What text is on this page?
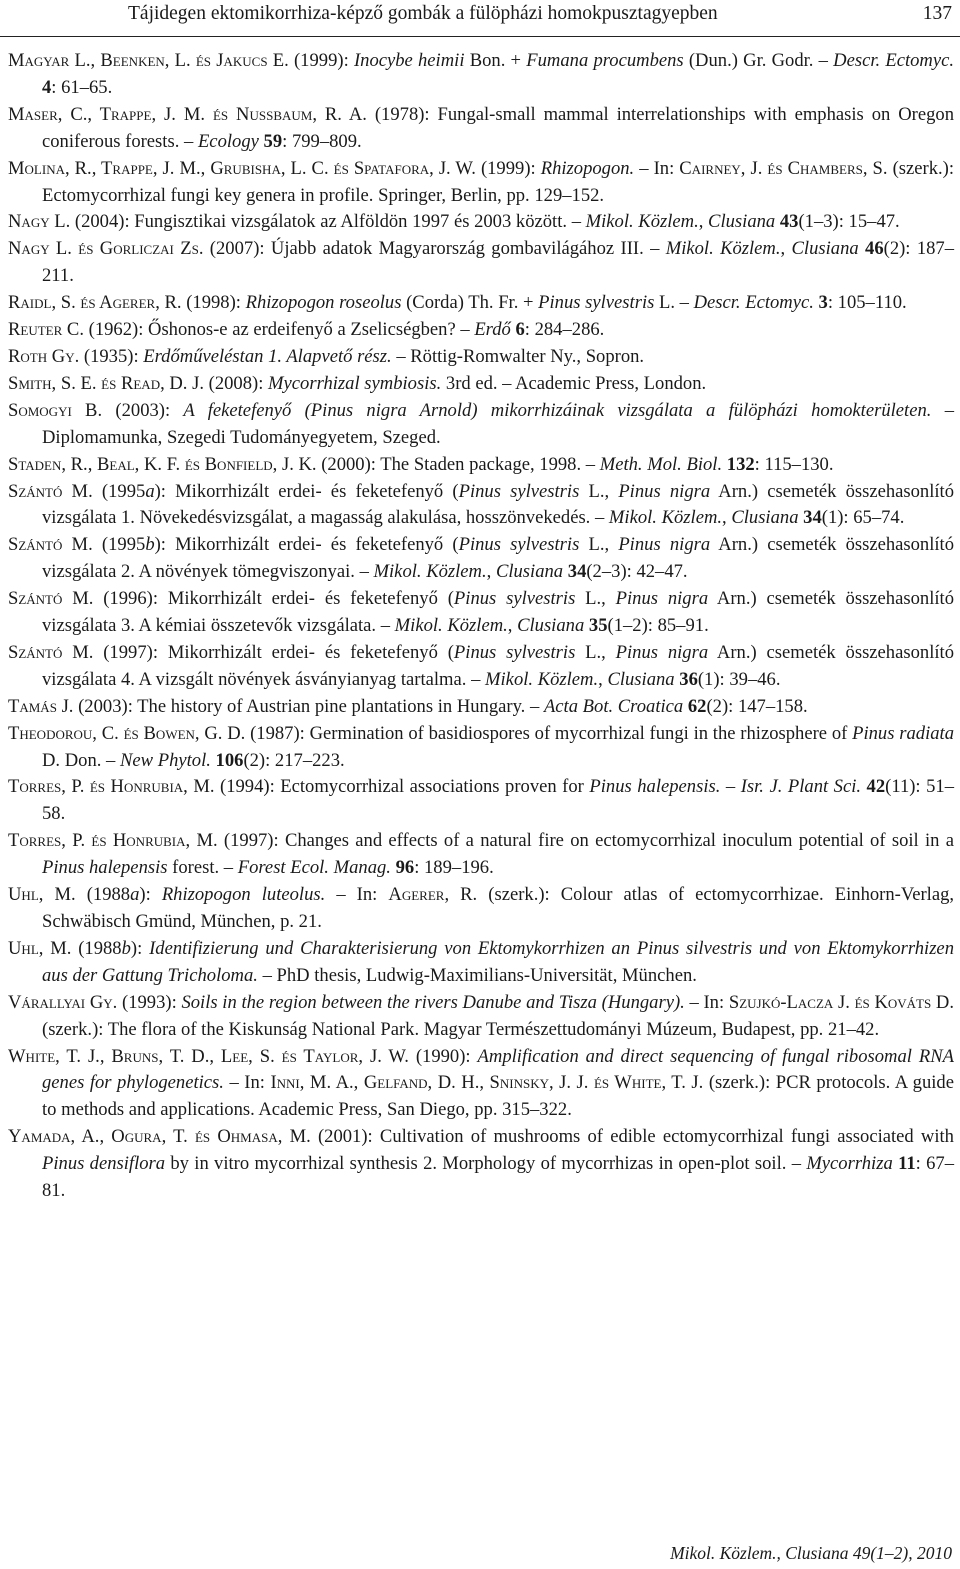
Tájidegen ektomikorrhiza-képző gombák a fülöpházi homokpusztagyepben	137
Magyar L., Beenken, L. és Jakucs E. (1999): Inocybe heimii Bon. + Fumana procumbens (Dun.) Gr. Godr. – Descr. Ectomyc. 4: 61–65.
Maser, C., Trappe, J. M. és Nussbaum, R. A. (1978): Fungal-small mammal interrelationships with emphasis on Oregon coniferous forests. – Ecology 59: 799–809.
Molina, R., Trappe, J. M., Grubisha, L. C. és Spatafora, J. W. (1999): Rhizopogon. – In: Cairney, J. és Chambers, S. (szerk.): Ectomycorrhizal fungi key genera in profile. Springer, Berlin, pp. 129–152.
Nagy L. (2004): Fungisztikai vizsgálatok az Alföldön 1997 és 2003 között. – Mikol. Közlem., Clusiana 43(1–3): 15–47.
Nagy L. és Gorliczai Zs. (2007): Újabb adatok Magyarország gombavilágához III. – Mikol. Közlem., Clusiana 46(2): 187–211.
Raidl, S. és Agerer, R. (1998): Rhizopogon roseolus (Corda) Th. Fr. + Pinus sylvestris L. – Descr. Ectomyc. 3: 105–110.
Reuter C. (1962): Őshonos-e az erdeifenyő a Zselicségben? – Erdő 6: 284–286.
Roth Gy. (1935): Erdőműveléstan 1. Alapvető rész. – Röttig-Romwalter Ny., Sopron.
Smith, S. E. és Read, D. J. (2008): Mycorrhizal symbiosis. 3rd ed. – Academic Press, London.
Somogyi B. (2003): A feketefenyő (Pinus nigra Arnold) mikorrhizáinak vizsgálata a fülöpházi homokterületen. – Diplomamunka, Szegedi Tudományegyetem, Szeged.
Staden, R., Beal, K. F. és Bonfield, J. K. (2000): The Staden package, 1998. – Meth. Mol. Biol. 132: 115–130.
Szántó M. (1995a): Mikorrhizált erdei- és feketefenyő (Pinus sylvestris L., Pinus nigra Arn.) csemeték összehasonlító vizsgálata 1. Növekedésvizsgálat, a magasság alakulása, hosszönvekedés. – Mikol. Közlem., Clusiana 34(1): 65–74.
Szántó M. (1995b): Mikorrhizált erdei- és feketefenyő (Pinus sylvestris L., Pinus nigra Arn.) csemeték összehasonlító vizsgálata 2. A növények tömegviszonyai. – Mikol. Közlem., Clusiana 34(2–3): 42–47.
Szántó M. (1996): Mikorrhizált erdei- és feketefenyő (Pinus sylvestris L., Pinus nigra Arn.) csemeték összehasonlító vizsgálata 3. A kémiai összetevők vizsgálata. – Mikol. Közlem., Clusiana 35(1–2): 85–91.
Szántó M. (1997): Mikorrhizált erdei- és feketefenyő (Pinus sylvestris L., Pinus nigra Arn.) csemeték összehasonlító vizsgálata 4. A vizsgált növények ásványianyag tartalma. – Mikol. Közlem., Clusiana 36(1): 39–46.
Tamás J. (2003): The history of Austrian pine plantations in Hungary. – Acta Bot. Croatica 62(2): 147–158.
Theodorou, C. és Bowen, G. D. (1987): Germination of basidiospores of mycorrhizal fungi in the rhizosphere of Pinus radiata D. Don. – New Phytol. 106(2): 217–223.
Torres, P. és Honrubia, M. (1994): Ectomycorrhizal associations proven for Pinus halepensis. – Isr. J. Plant Sci. 42(11): 51–58.
Torres, P. és Honrubia, M. (1997): Changes and effects of a natural fire on ectomycorrhizal inoculum potential of soil in a Pinus halepensis forest. – Forest Ecol. Manag. 96: 189–196.
Uhl, M. (1988a): Rhizopogon luteolus. – In: Agerer, R. (szerk.): Colour atlas of ectomycorrhizae. Einhorn-Verlag, Schwäbisch Gmünd, München, p. 21.
Uhl, M. (1988b): Identifizierung und Charakterisierung von Ektomykorrhizen an Pinus silvestris und von Ektomykorrhizen aus der Gattung Tricholoma. – PhD thesis, Ludwig-Maximilians-Universität, München.
Várallyai Gy. (1993): Soils in the region between the rivers Danube and Tisza (Hungary). – In: Szujkó-Lacza J. és Kováts D. (szerk.): The flora of the Kiskunság National Park. Magyar Természettudományi Múzeum, Budapest, pp. 21–42.
White, T. J., Bruns, T. D., Lee, S. és Taylor, J. W. (1990): Amplification and direct sequencing of fungal ribosomal RNA genes for phylogenetics. – In: Inni, M. A., Gelfand, D. H., Sninsky, J. J. és White, T. J. (szerk.): PCR protocols. A guide to methods and applications. Academic Press, San Diego, pp. 315–322.
Yamada, A., Ogura, T. és Ohmasa, M. (2001): Cultivation of mushrooms of edible ectomycorrhizal fungi associated with Pinus densiflora by in vitro mycorrhizal synthesis 2. Morphology of mycorrhizas in open-plot soil. – Mycorrhiza 11: 67–81.
Mikol. Közlem., Clusiana 49(1–2), 2010
